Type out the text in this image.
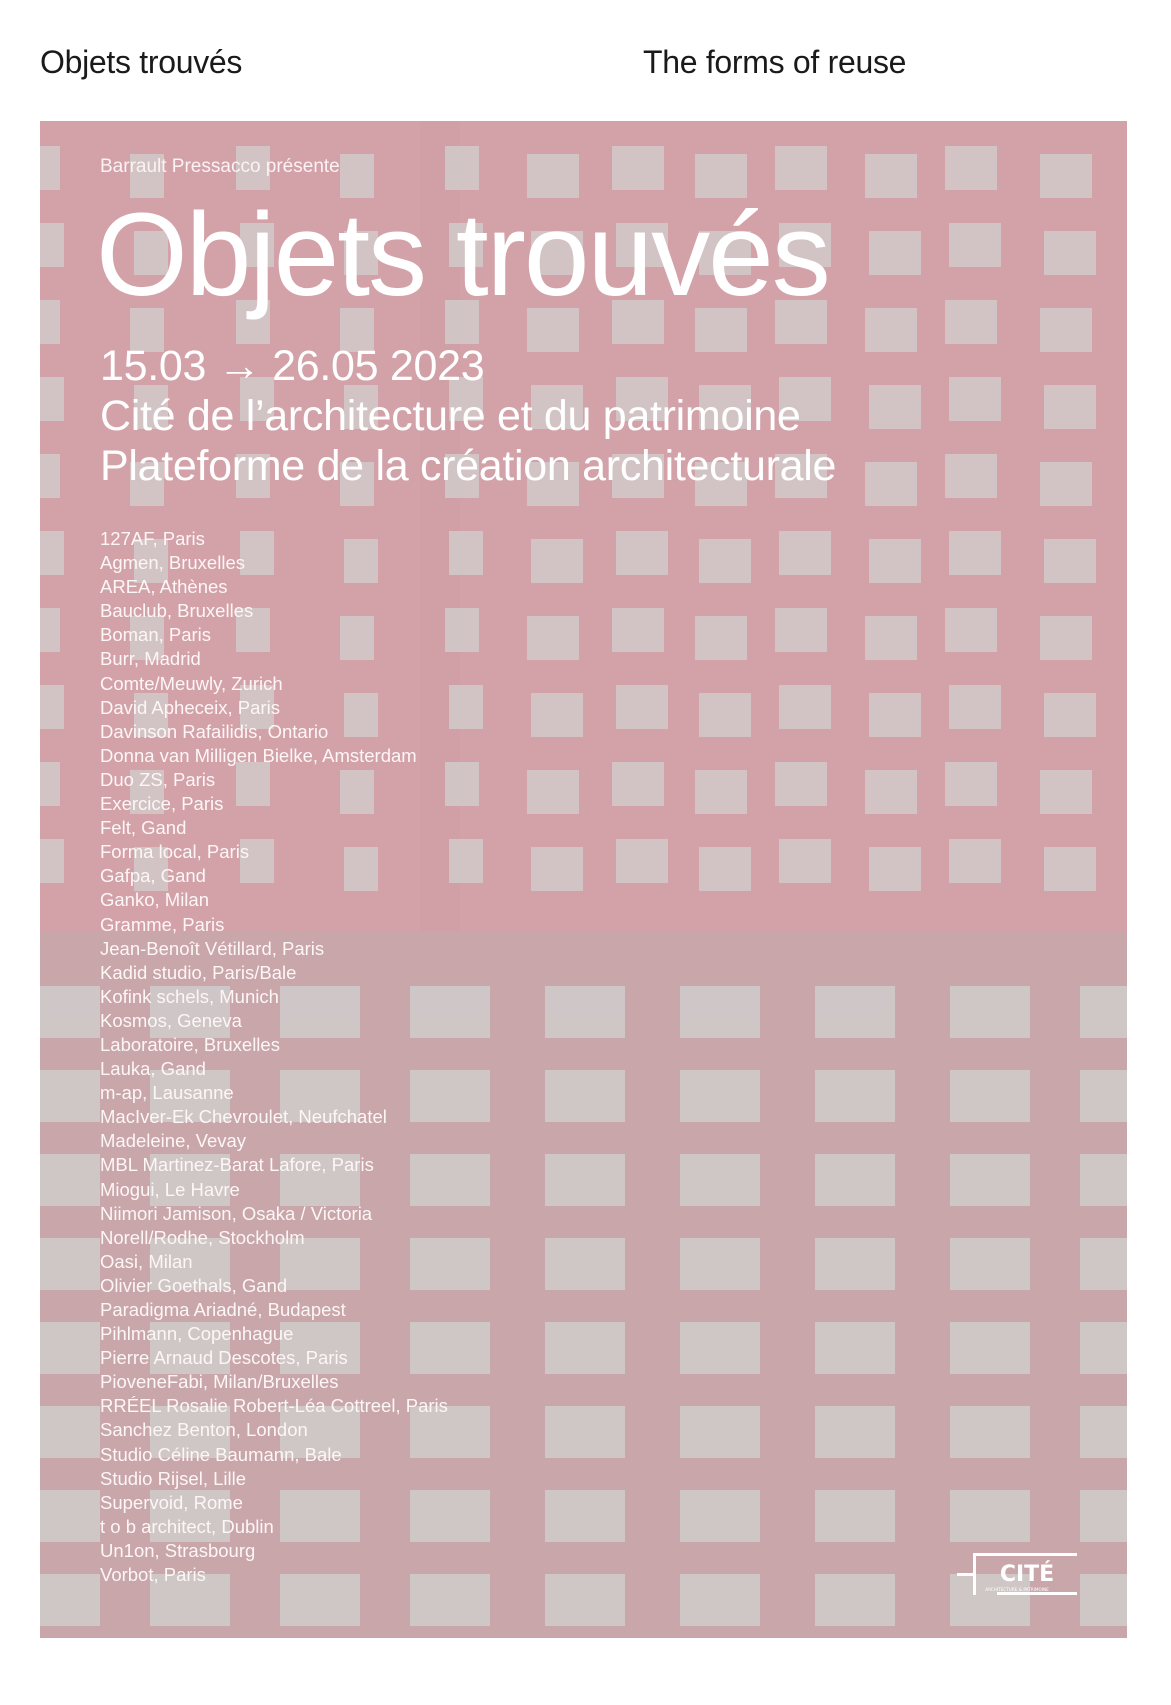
Objets trouvés	The forms of reuse

Barrault Pressacco présente

Objets trouvés

15.03 → 26.05 2023

Cité de l’architecture et du patrimoine

Plateforme de la création architecturale

127AF, Paris
Agmen, Bruxelles
AREA, Athènes
Bauclub, Bruxelles
Boman, Paris
Burr, Madrid
Comte/Meuwly, Zurich
David Apheceix, Paris
Davinson Rafailidis, Ontario
Donna van Milligen Bielke, Amsterdam
Duo ZS, Paris
Exercice, Paris
Felt, Gand
Forma local, Paris
Gafpa, Gand
Ganko, Milan
Gramme, Paris
Jean-Benoît Vétillard, Paris
Kadid studio, Paris/Bale
Kofink schels, Munich
Kosmos, Geneva
Laboratoire, Bruxelles
Lauka, Gand
m-ap, Lausanne
MacIver-Ek Chevroulet, Neufchatel
Madeleine, Vevay
MBL Martinez-Barat Lafore, Paris
Miogui, Le Havre
Niimori Jamison, Osaka / Victoria
Norell/Rodhe, Stockholm
Oasi, Milan
Olivier Goethals, Gand
Paradigma Ariadné, Budapest
Pihlmann, Copenhague
Pierre Arnaud Descotes, Paris
PioveneFabi, Milan/Bruxelles
RRÉEL Rosalie Robert-Léa Cottreel, Paris
Sanchez Benton, London
Studio Céline Baumann, Bale
Studio Rijsel, Lille
Supervoid, Rome
t o b architect, Dublin
Un1on, Strasbourg
Vorbot, Paris	CITÉ
ARCHITECTURE & PATRIMOINE
